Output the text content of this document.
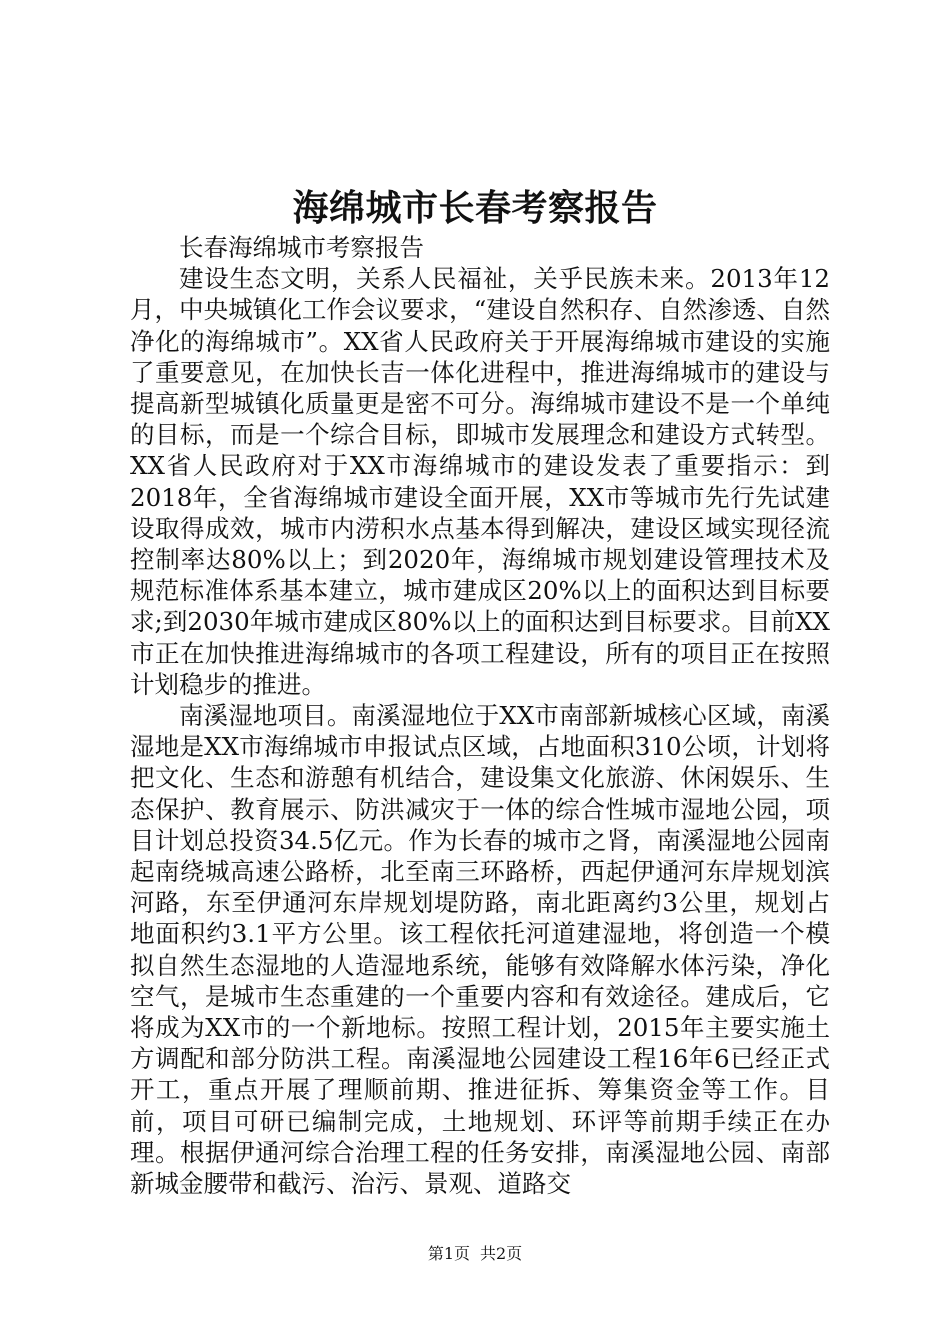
海绵城市长春考察报告

长春海绵城市考察报告

建设生态文明，关系人民福祉，关乎民族未来。2013年12月，中央城镇化工作会议要求，“建设自然积存、自然渗透、自然净化的海绵城市”。XX省人民政府关于开展海绵城市建设的实施了重要意见，在加快长吉一体化进程中，推进海绵城市的建设与提高新型城镇化质量更是密不可分。海绵城市建设不是一个单纯的目标，而是一个综合目标，即城市发展理念和建设方式转型。XX省人民政府对于XX市海绵城市的建设发表了重要指示：到2018年，全省海绵城市建设全面开展，XX市等城市先行先试建设取得成效，城市内涝积水点基本得到解决，建设区域实现径流控制率达80%以上；到2020年，海绵城市规划建设管理技术及规范标准体系基本建立，城市建成区20%以上的面积达到目标要求;到2030年城市建成区80%以上的面积达到目标要求。目前XX市正在加快推进海绵城市的各项工程建设，所有的项目正在按照计划稳步的推进。

南溪湿地项目。南溪湿地位于XX市南部新城核心区域，南溪湿地是XX市海绵城市申报试点区域，占地面积310公顷，计划将把文化、生态和游憩有机结合，建设集文化旅游、休闲娱乐、生态保护、教育展示、防洪减灾于一体的综合性城市湿地公园，项目计划总投资34.5亿元。作为长春的城市之肾，南溪湿地公园南起南绕城高速公路桥，北至南三环路桥，西起伊通河东岸规划滨河路，东至伊通河东岸规划堤防路，南北距离约3公里，规划占地面积约3.1平方公里。该工程依托河道建湿地，将创造一个模拟自然生态湿地的人造湿地系统，能够有效降解水体污染，净化空气，是城市生态重建的一个重要内容和有效途径。建成后，它将成为XX市的一个新地标。按照工程计划，2015年主要实施土方调配和部分防洪工程。南溪湿地公园建设工程16年6已经正式开工，重点开展了理顺前期、推进征拆、筹集资金等工作。目前，项目可研已编制完成，土地规划、环评等前期手续正在办理。根据伊通河综合治理工程的任务安排，南溪湿地公园、南部新城金腰带和截污、治污、景观、道路交

第1页 共2页
